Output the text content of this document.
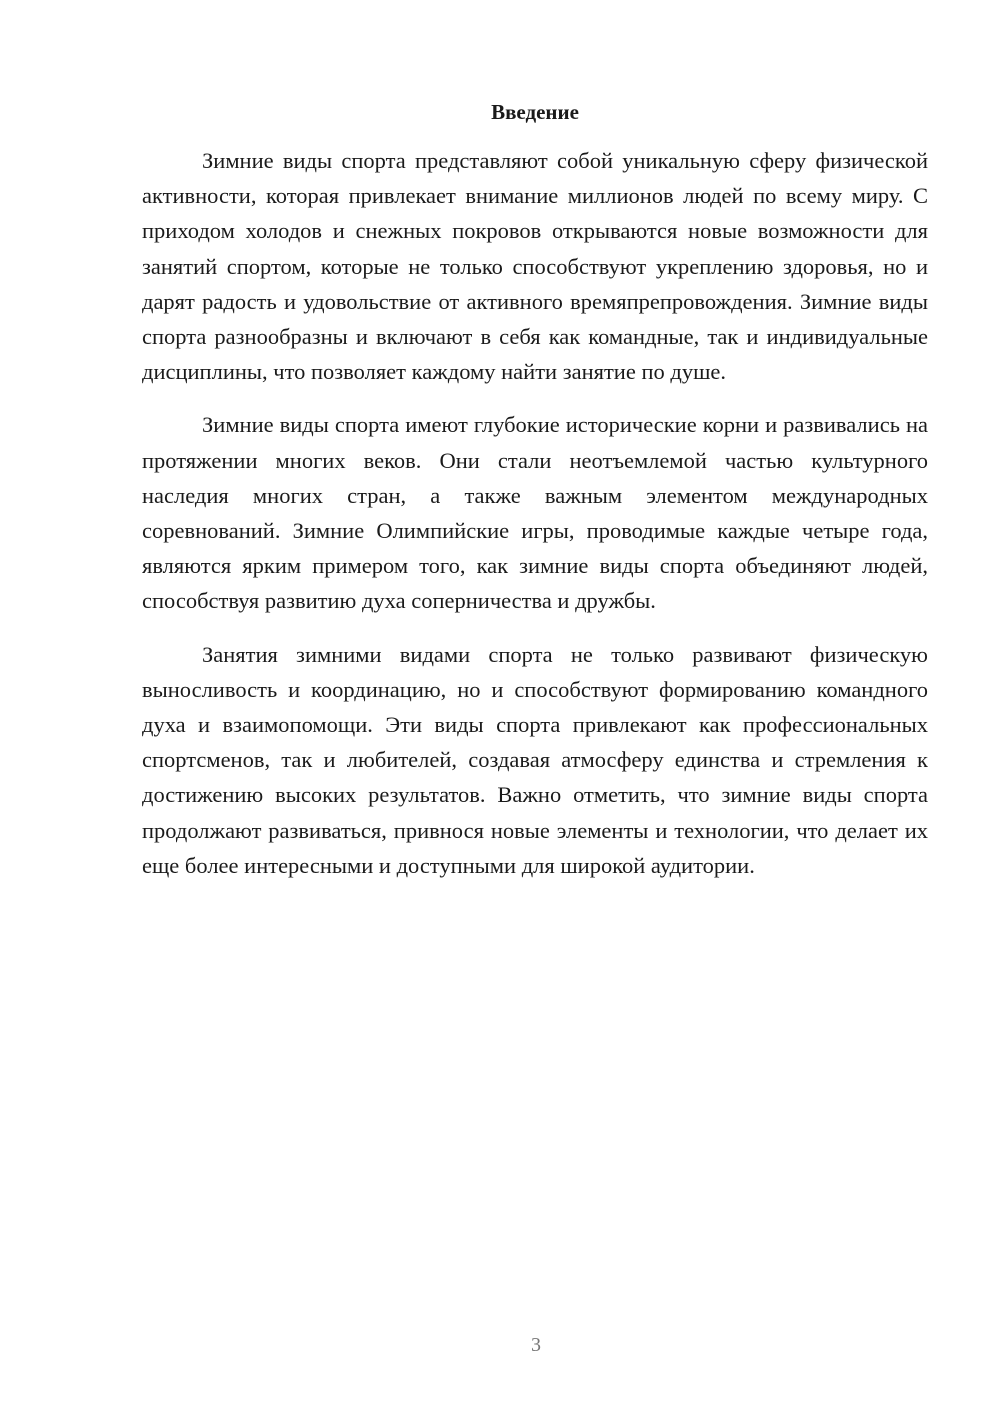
Введение

Зимние виды спорта представляют собой уникальную сферу физической активности, которая привлекает внимание миллионов людей по всему миру. С приходом холодов и снежных покровов открываются новые возможности для занятий спортом, которые не только способствуют укреплению здоровья, но и дарят радость и удовольствие от активного времяпрепровождения. Зимние виды спорта разнообразны и включают в себя как командные, так и индивидуальные дисциплины, что позволяет каждому найти занятие по душе.

Зимние виды спорта имеют глубокие исторические корни и развивались на протяжении многих веков. Они стали неотъемлемой частью культурного наследия многих стран, а также важным элементом международных соревнований. Зимние Олимпийские игры, проводимые каждые четыре года, являются ярким примером того, как зимние виды спорта объединяют людей, способствуя развитию духа соперничества и дружбы.

Занятия зимними видами спорта не только развивают физическую выносливость и координацию, но и способствуют формированию командного духа и взаимопомощи. Эти виды спорта привлекают как профессиональных спортсменов, так и любителей, создавая атмосферу единства и стремления к достижению высоких результатов. Важно отметить, что зимние виды спорта продолжают развиваться, привнося новые элементы и технологии, что делает их еще более интересными и доступными для широкой аудитории.

3
